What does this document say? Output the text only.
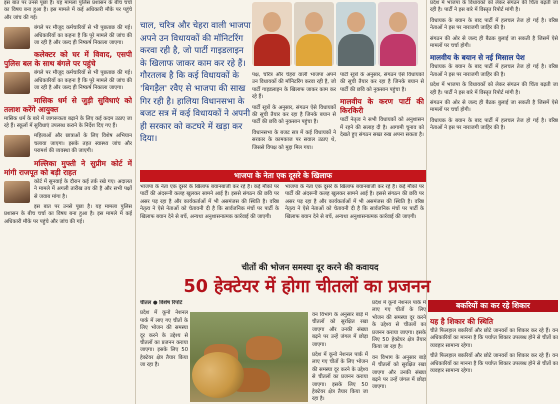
इस बात पर उनसे पूछा है। यह मामला पुलिस प्रशासन के बीच चर्चा का विषय बना हुआ है। इस मामले में कई अधिकारी मौके पर पहुंचे और जांच की गई।

बंगले पर मौजूद कर्मचारियों से भी पूछताछ की गई। अधिकारियों का कहना है कि पूरे मामले की जांच की जा रही है और जल्द ही निष्कर्ष निकाला जाएगा।

कलेक्टर को घर में विवाद, एसपी पुलिस बल के साथ बंगले पर पहुंचे

बंगले पर मौजूद कर्मचारियों से भी पूछताछ की गई। अधिकारियों का कहना है कि पूरे मामले की जांच की जा रही है और जल्द ही निष्कर्ष निकाला जाएगा।

मासिक धर्म से जुड़ी सुविधाएं को तलाश करेंगे आयुक्त

मासिक धर्म के बारे में जागरूकता बढ़ाने के लिए कई कदम उठाए जा रहे हैं। स्कूलों में सुविधाएं उपलब्ध कराने के निर्देश दिए गए हैं।

महिलाओं और छात्राओं के लिए विशेष अभियान चलाया जाएगा। इसके तहत स्वास्थ्य जांच और परामर्श की व्यवस्था की जाएगी।

मल्लिका मुफ्ती ने सुप्रीम कोर्ट में मांगी राजपूत को बड़ी राहत

कोर्ट में सुनवाई के दौरान कई तर्क रखे गए। अदालत ने मामले में अगली तारीख तय की है और सभी पक्षों से जवाब मांगा है।

इस बात पर उनसे पूछा है। यह मामला पुलिस प्रशासन के बीच चर्चा का विषय बना हुआ है। इस मामले में कई अधिकारी मौके पर पहुंचे और जांच की गई।

चाल, चरित्र और चेहरा वाली भाजपा अपने उन विधायकों की मॉनिटरिंग करवा रही है, जो पार्टी गाइडलाइन के खिलाफ जाकर काम कर रहे हैं। गौरतलब है कि कई विधायकों के 'बिगड़ैल' रवैए से भाजपा की साख गिर रही है। हालिया विधानसभा के बजट सत्र में कई विधायकों ने अपनी ही सरकार को कटघरे में खड़ा कर दिया।

पक्ष, चरित्र और चेहरा वाली भाजपा अपने उन विधायकों की मॉनिटरिंग करवा रही है, जो पार्टी गाइडलाइन के खिलाफ जाकर काम कर रहे हैं।

पार्टी सूत्रों के अनुसार, संगठन ऐसे विधायकों की सूची तैयार कर रहा है जिनके बयान से पार्टी की छवि को नुकसान पहुंचा है।

विधानसभा के बजट सत्र में कई विधायकों ने सरकार के कामकाज पर सवाल उठाए थे, जिससे विपक्ष को मुद्दा मिल गया।

पार्टी सूत्रों के अनुसार, संगठन ऐसे विधायकों की सूची तैयार कर रहा है जिनके बयान से पार्टी की छवि को नुकसान पहुंचा है।

मालवीय के करण पार्टी की किरकिरी

पार्टी नेतृत्व ने सभी विधायकों को अनुशासन में रहने की सलाह दी है। आगामी चुनाव को देखते हुए संगठन सख्त रुख अपना सकता है।

प्रदेश में भाजपा के विधायकों को लेकर संगठन की चिंता बढ़ती जा रही है। पार्टी ने इस बारे में विस्तृत रिपोर्ट मांगी है।

विधायक के बयान के बाद पार्टी में हलचल तेज हो गई है। वरिष्ठ नेताओं ने इस पर नाराजगी जाहिर की है।

संगठन की ओर से जल्द ही बैठक बुलाई जा सकती है जिसमें ऐसे मामलों पर चर्चा होगी।

मालवीय के बयान से नई मिसाल पेश

विधायक के बयान के बाद पार्टी में हलचल तेज हो गई है। वरिष्ठ नेताओं ने इस पर नाराजगी जाहिर की है।

प्रदेश में भाजपा के विधायकों को लेकर संगठन की चिंता बढ़ती जा रही है। पार्टी ने इस बारे में विस्तृत रिपोर्ट मांगी है।

संगठन की ओर से जल्द ही बैठक बुलाई जा सकती है जिसमें ऐसे मामलों पर चर्चा होगी।

विधायक के बयान के बाद पार्टी में हलचल तेज हो गई है। वरिष्ठ नेताओं ने इस पर नाराजगी जाहिर की है।

भाजपा के नेता एक दूसरे के खिलाफ

भाजपा के नेता एक दूसरे के खिलाफ बयानबाजी कर रहे हैं। कई मौकों पर पार्टी की अंदरूनी कलह खुलकर सामने आई है। इससे संगठन की छवि पर असर पड़ रहा है और कार्यकर्ताओं में भी असमंजस की स्थिति है। वरिष्ठ नेतृत्व ने ऐसे नेताओं को चेतावनी दी है कि सार्वजनिक मंचों पर पार्टी के खिलाफ बयान देने से बचें, अन्यथा अनुशासनात्मक कार्रवाई की जाएगी।

भाजपा के नेता एक दूसरे के खिलाफ बयानबाजी कर रहे हैं। कई मौकों पर पार्टी की अंदरूनी कलह खुलकर सामने आई है। इससे संगठन की छवि पर असर पड़ रहा है और कार्यकर्ताओं में भी असमंजस की स्थिति है। वरिष्ठ नेतृत्व ने ऐसे नेताओं को चेतावनी दी है कि सार्वजनिक मंचों पर पार्टी के खिलाफ बयान देने से बचें, अन्यथा अनुशासनात्मक कार्रवाई की जाएगी।

चीतों की भोजन समस्या दूर करने की कवायद
50 हेक्टेयर में होगा चीतलों का प्रजनन

चीतल ● विशेष रिपोर्ट

प्रदेश में कूनो नेशनल पार्क में लाए गए चीतों के लिए भोजन की समस्या दूर करने के उद्देश्य से चीतलों का प्रजनन कराया जाएगा। इसके लिए 50 हेक्टेयर क्षेत्र तैयार किया जा रहा है।

वन विभाग के अनुसार बाड़े में चीतलों को सुरक्षित रखा जाएगा और उनकी संख्या बढ़ने पर उन्हें जंगल में छोड़ा जाएगा।

प्रदेश में कूनो नेशनल पार्क में लाए गए चीतों के लिए भोजन की समस्या दूर करने के उद्देश्य से चीतलों का प्रजनन कराया जाएगा। इसके लिए 50 हेक्टेयर क्षेत्र तैयार किया जा रहा है।

प्रदेश में कूनो नेशनल पार्क में लाए गए चीतों के लिए भोजन की समस्या दूर करने के उद्देश्य से चीतलों का प्रजनन कराया जाएगा। इसके लिए 50 हेक्टेयर क्षेत्र तैयार किया जा रहा है।

वन विभाग के अनुसार बाड़े में चीतलों को सुरक्षित रखा जाएगा और उनकी संख्या बढ़ने पर उन्हें जंगल में छोड़ा जाएगा।

बकरियों का कर रहे शिकार
यह है शिकार की स्थिति

चीते फिलहाल बकरियों और छोटे जानवरों का शिकार कर रहे हैं। वन अधिकारियों का मानना है कि पर्याप्त शिकार उपलब्ध होने से चीतों का व्यवहार सामान्य रहेगा।

चीते फिलहाल बकरियों और छोटे जानवरों का शिकार कर रहे हैं। वन अधिकारियों का मानना है कि पर्याप्त शिकार उपलब्ध होने से चीतों का व्यवहार सामान्य रहेगा।
